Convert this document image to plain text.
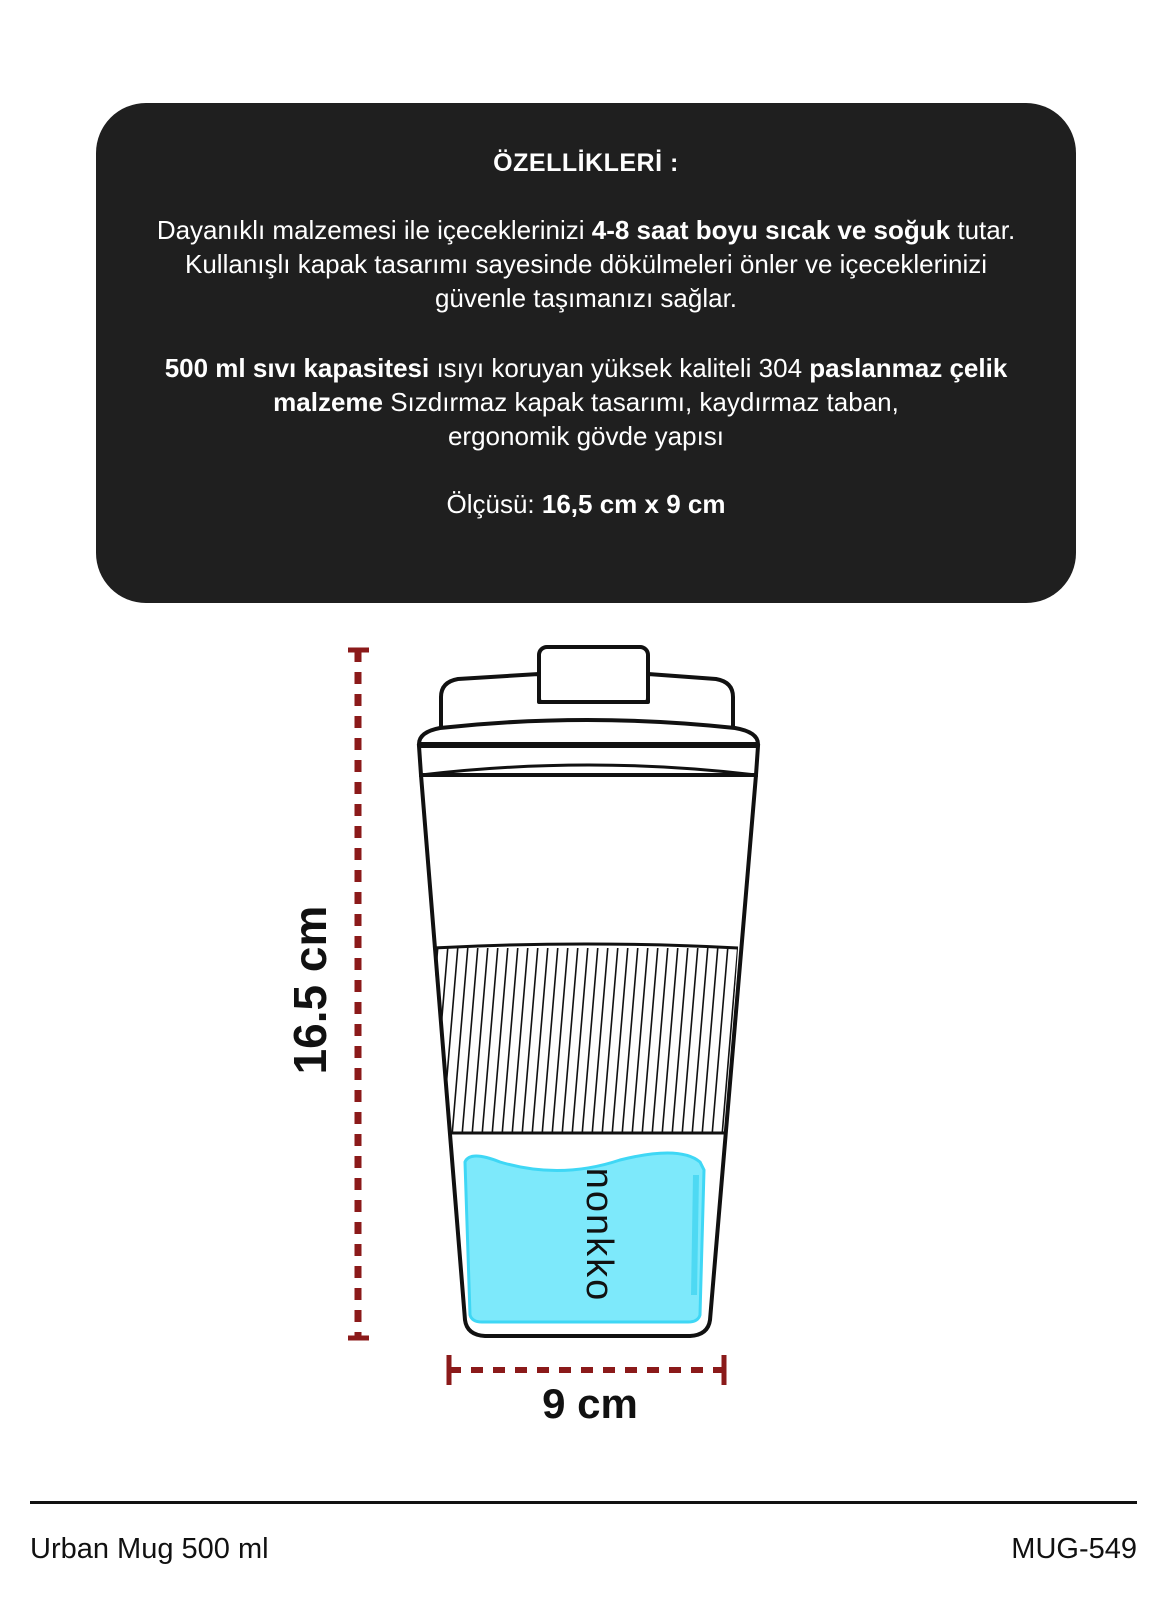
ÖZELLİKLERİ :
Dayanıklı malzemesi ile içeceklerinizi 4-8 saat boyu sıcak ve soğuk tutar.
Kullanışlı kapak tasarımı sayesinde dökülmeleri önler ve içeceklerinizi
güvenle taşımanızı sağlar.
500 ml sıvı kapasitesi ısıyı koruyan yüksek kaliteli 304 paslanmaz çelik
malzeme Sızdırmaz kapak tasarımı, kaydırmaz taban,
ergonomik gövde yapısı
Ölçüsü: 16,5 cm x 9 cm
nonkko
16.5 cm
9 cm
Urban Mug 500 ml	MUG-549
